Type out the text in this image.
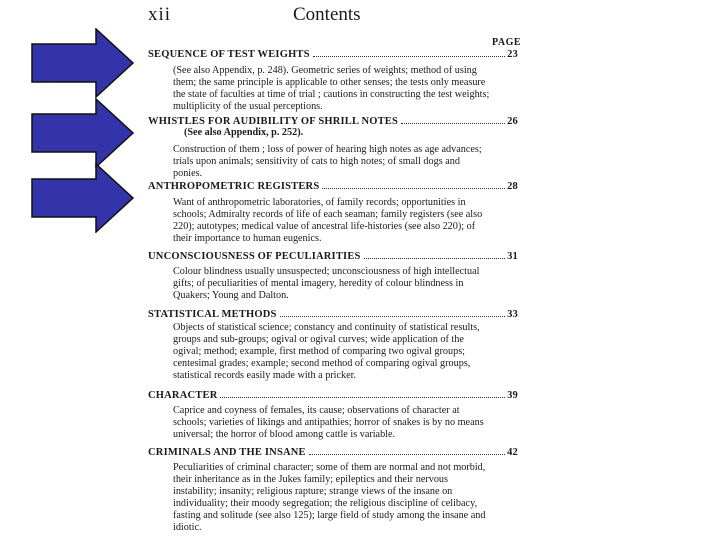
xii	Contents
PAGE
SEQUENCE OF TEST WEIGHTS	23
(See also Appendix, p. 248). Geometric series of weights; method of using
them; the same principle is applicable to other senses; the tests only measure
the state of faculties at time of trial ; cautions in constructing the test weights;
multiplicity of the usual perceptions.
WHISTLES FOR AUDIBILITY OF SHRILL NOTES	26
(See also Appendix, p. 252).
Construction of them ; loss of power of hearing high notes as age advances;
trials upon animals; sensitivity of cats to high notes; of small dogs and
ponies.
ANTHROPOMETRIC REGISTERS	28
Want of anthropometric laboratories, of family records; opportunities in
schools; Admiralty records of life of each seaman; family registers (see also
220); autotypes; medical value of ancestral life-histories (see also 220); of
their importance to human eugenics.
UNCONSCIOUSNESS OF PECULIARITIES	31
Colour blindness usually unsuspected; unconsciousness of high intellectual
gifts; of peculiarities of mental imagery, heredity of colour blindness in
Quakers; Young and Dalton.
STATISTICAL METHODS	33
Objects of statistical science; constancy and continuity of statistical results,
groups and sub-groups; ogival or ogival curves; wide application of the
ogival; method; example, first method of comparing two ogival groups;
centesimal grades; example; second method of comparing ogival groups,
statistical records easily made with a pricker.
CHARACTER	39
Caprice and coyness of females, its cause; observations of character at
schools; varieties of likings and antipathies; horror of snakes is by no means
universal; the horror of blood among cattle is variable.
CRIMINALS AND THE INSANE	42
Peculiarities of criminal character; some of them are normal and not morbid,
their inheritance as in the Jukes family; epileptics and their nervous
instability; insanity; religious rapture; strange views of the insane on
individuality; their moody segregation; the religious discipline of celibacy,
fasting and solitude (see also 125); large field of study among the insane and
idiotic.
